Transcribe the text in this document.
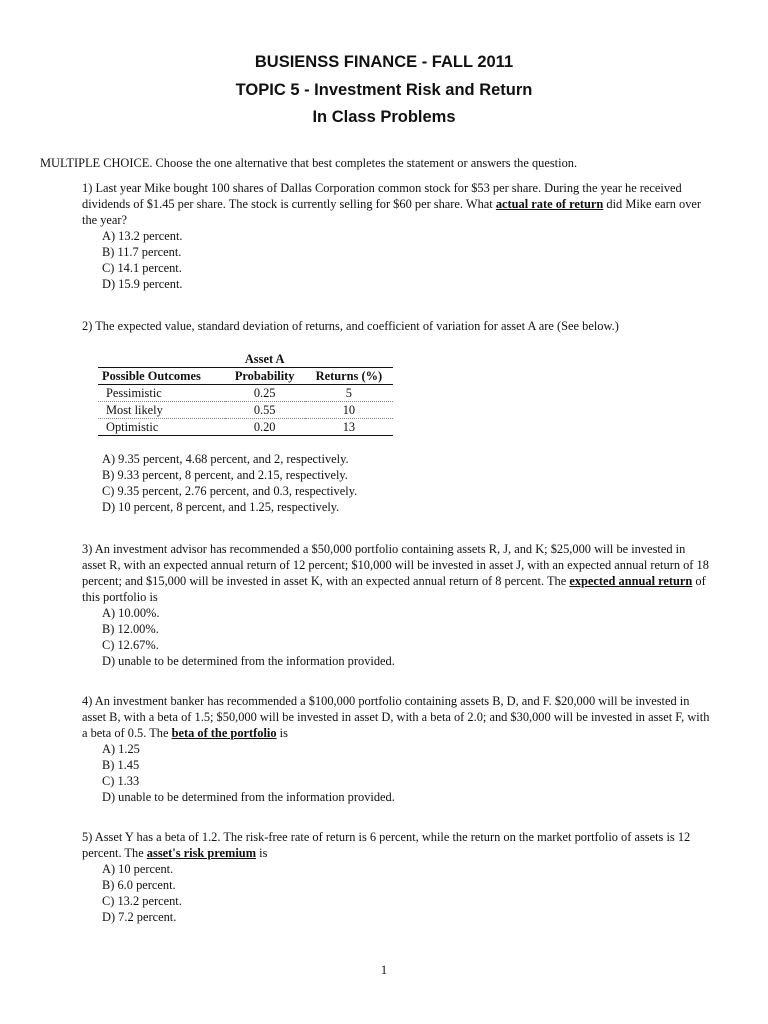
BUSIENSS FINANCE - FALL 2011
TOPIC 5 - Investment Risk and Return
In Class Problems
MULTIPLE CHOICE. Choose the one alternative that best completes the statement or answers the question.

1) Last year Mike bought 100 shares of Dallas Corporation common stock for $53 per share. During the year he received dividends of $1.45 per share. The stock is currently selling for $60 per share. What actual rate of return did Mike earn over the year?

A) 13.2 percent.
B) 11.7 percent.
C) 14.1 percent.
D) 15.9 percent.

2) The expected value, standard deviation of returns, and coefficient of variation for asset A are (See below.)

	Asset A	
Possible Outcomes	Probability	Returns (%)
Pessimistic	0.25	5
Most likely	0.55	10
Optimistic	0.20	13
A) 9.35 percent, 4.68 percent, and 2, respectively.
B) 9.33 percent, 8 percent, and 2.15, respectively.
C) 9.35 percent, 2.76 percent, and 0.3, respectively.
D) 10 percent, 8 percent, and 1.25, respectively.

3) An investment advisor has recommended a $50,000 portfolio containing assets R, J, and K; $25,000 will be invested in asset R, with an expected annual return of 12 percent; $10,000 will be invested in asset J, with an expected annual return of 18 percent; and $15,000 will be invested in asset K, with an expected annual return of 8 percent. The expected annual return of this portfolio is

A) 10.00%.
B) 12.00%.
C) 12.67%.
D) unable to be determined from the information provided.

4) An investment banker has recommended a $100,000 portfolio containing assets B, D, and F. $20,000 will be invested in asset B, with a beta of 1.5; $50,000 will be invested in asset D, with a beta of 2.0; and $30,000 will be invested in asset F, with a beta of 0.5. The beta of the portfolio is

A) 1.25
B) 1.45
C) 1.33
D) unable to be determined from the information provided.

5) Asset Y has a beta of 1.2. The risk-free rate of return is 6 percent, while the return on the market portfolio of assets is 12 percent. The asset's risk premium is

A) 10 percent.
B) 6.0 percent.
C) 13.2 percent.
D) 7.2 percent.
1
